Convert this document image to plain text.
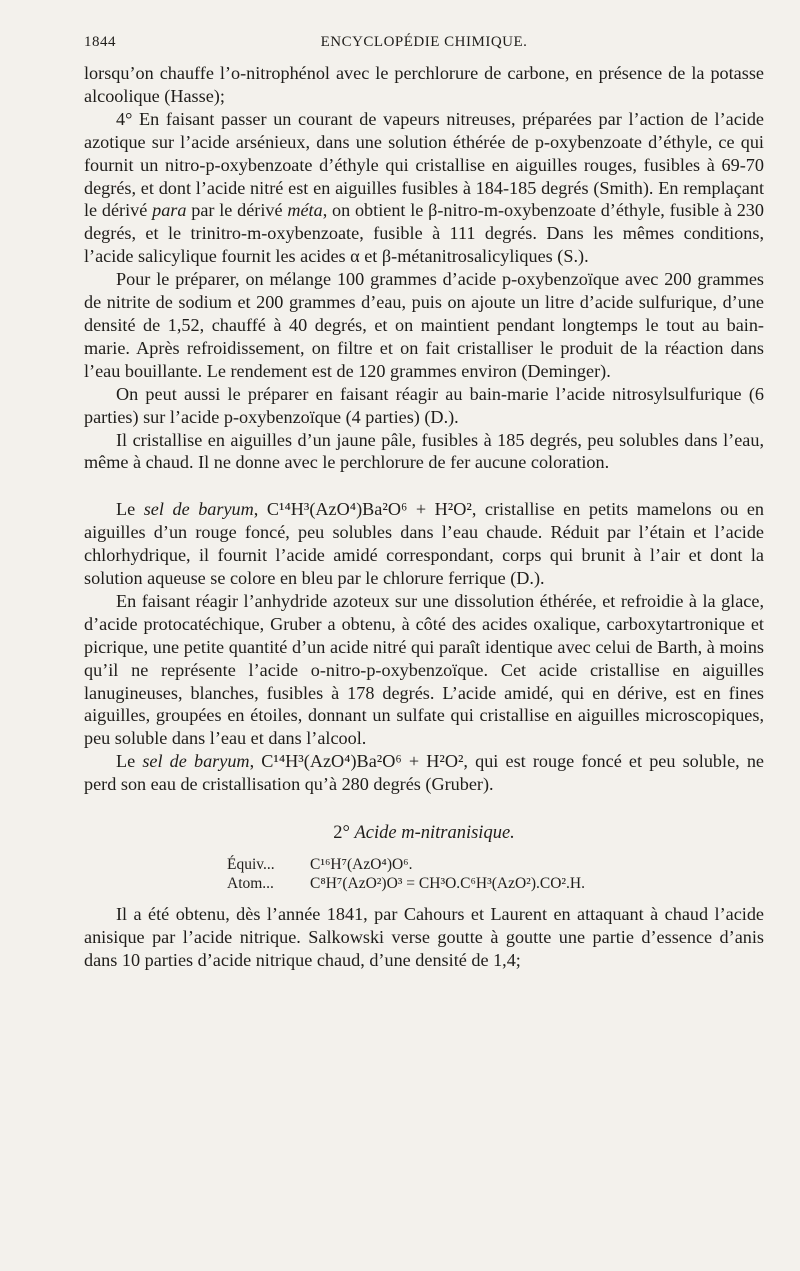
1844	ENCYCLOPÉDIE CHIMIQUE.

lorsqu’on chauffe l’o-nitrophénol avec le perchlorure de carbone, en présence de la potasse alcoolique (Hasse);

4° En faisant passer un courant de vapeurs nitreuses, préparées par l’action de l’acide azotique sur l’acide arsénieux, dans une solution éthérée de p-oxybenzoate d’éthyle, ce qui fournit un nitro-p-oxybenzoate d’éthyle qui cristallise en aiguilles rouges, fusibles à 69-70 degrés, et dont l’acide nitré est en aiguilles fusibles à 184-185 degrés (Smith). En remplaçant le dérivé para par le dérivé méta, on obtient le β-nitro-m-oxybenzoate d’éthyle, fusible à 230 degrés, et le trinitro-m-oxybenzoate, fusible à 111 degrés. Dans les mêmes conditions, l’acide salicylique fournit les acides α et β-métanitrosalicyliques (S.).

Pour le préparer, on mélange 100 grammes d’acide p-oxybenzoïque avec 200 grammes de nitrite de sodium et 200 grammes d’eau, puis on ajoute un litre d’acide sulfurique, d’une densité de 1,52, chauffé à 40 degrés, et on maintient pendant longtemps le tout au bain-marie. Après refroidissement, on filtre et on fait cristalliser le produit de la réaction dans l’eau bouillante. Le rendement est de 120 grammes environ (Deminger).

On peut aussi le préparer en faisant réagir au bain-marie l’acide nitrosylsulfurique (6 parties) sur l’acide p-oxybenzoïque (4 parties) (D.).

Il cristallise en aiguilles d’un jaune pâle, fusibles à 185 degrés, peu solubles dans l’eau, même à chaud. Il ne donne avec le perchlorure de fer aucune coloration.

Le sel de baryum, C¹⁴H³(AzO⁴)Ba²O⁶ + H²O², cristallise en petits mamelons ou en aiguilles d’un rouge foncé, peu solubles dans l’eau chaude. Réduit par l’étain et l’acide chlorhydrique, il fournit l’acide amidé correspondant, corps qui brunit à l’air et dont la solution aqueuse se colore en bleu par le chlorure ferrique (D.).

En faisant réagir l’anhydride azoteux sur une dissolution éthérée, et refroidie à la glace, d’acide protocatéchique, Gruber a obtenu, à côté des acides oxalique, carboxytartronique et picrique, une petite quantité d’un acide nitré qui paraît identique avec celui de Barth, à moins qu’il ne représente l’acide o-nitro-p-oxybenzoïque. Cet acide cristallise en aiguilles lanugineuses, blanches, fusibles à 178 degrés. L’acide amidé, qui en dérive, est en fines aiguilles, groupées en étoiles, donnant un sulfate qui cristallise en aiguilles microscopiques, peu soluble dans l’eau et dans l’alcool.

Le sel de baryum, C¹⁴H³(AzO⁴)Ba²O⁶ + H²O², qui est rouge foncé et peu soluble, ne perd son eau de cristallisation qu’à 280 degrés (Gruber).

2° Acide m-nitranisique.
Équiv...	C¹⁶H⁷(AzO⁴)O⁶.
Atom...	C⁸H⁷(AzO²)O³ = CH³O.C⁶H³(AzO²).CO².H.

Il a été obtenu, dès l’année 1841, par Cahours et Laurent en attaquant à chaud l’acide anisique par l’acide nitrique. Salkowski verse goutte à goutte une partie d’essence d’anis dans 10 parties d’acide nitrique chaud, d’une densité de 1,4;
